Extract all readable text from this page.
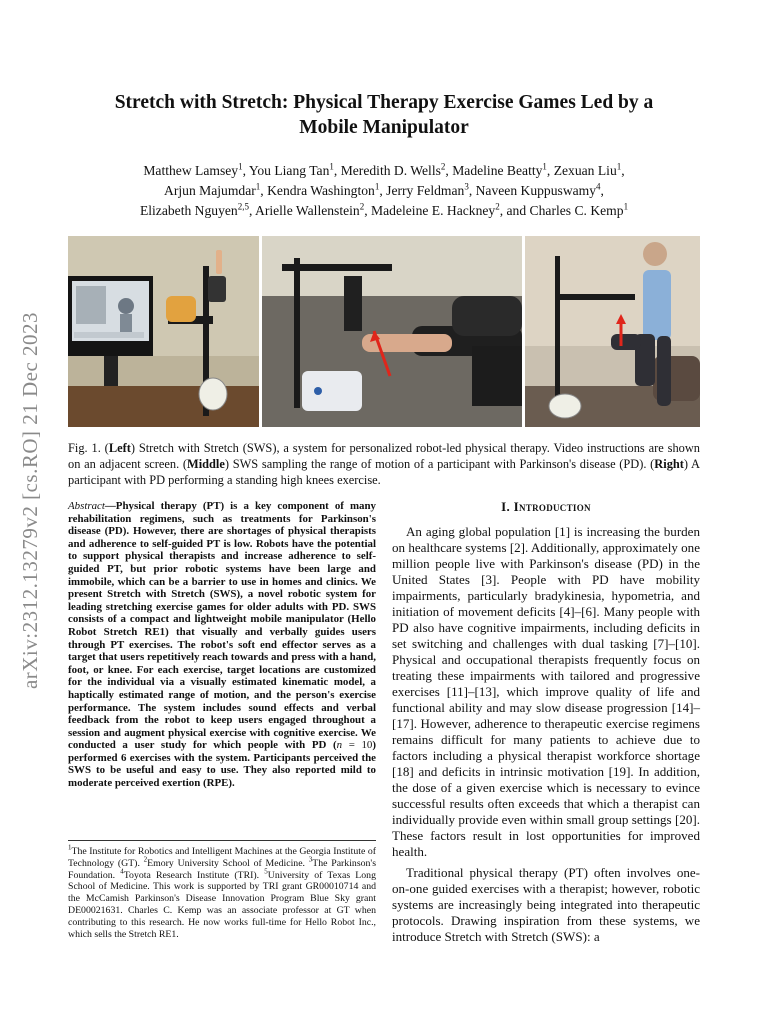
arXiv:2312.13279v2 [cs.RO] 21 Dec 2023
Stretch with Stretch: Physical Therapy Exercise Games Led by a
Mobile Manipulator
Matthew Lamsey$^1$, You Liang Tan$^1$, Meredith D. Wells$^2$, Madeline Beatty$^1$, Zexuan Liu$^1$,
Arjun Majumdar$^1$, Kendra Washington$^1$, Jerry Feldman$^3$, Naveen Kuppuswamy$^4$,
Elizabeth Nguyen$^{2,5}$, Arielle Wallenstein$^2$, Madeleine E. Hackney$^2$, and Charles C. Kemp$^1$

Fig. 1. (Left) Stretch with Stretch (SWS), a system for personalized robot-led physical therapy. Video instructions are shown on an adjacent screen. (Middle) SWS sampling the range of motion of a participant with Parkinson's disease (PD). (Right) A participant with PD performing a standing high knees exercise.

Abstract—Physical therapy (PT) is a key component of many rehabilitation regimens, such as treatments for Parkinson's disease (PD). However, there are shortages of physical therapists and adherence to self-guided PT is low. Robots have the potential to support physical therapists and increase adherence to self-guided PT, but prior robotic systems have been large and immobile, which can be a barrier to use in homes and clinics. We present Stretch with Stretch (SWS), a novel robotic system for leading stretching exercise games for older adults with PD. SWS consists of a compact and lightweight mobile manipulator (Hello Robot Stretch RE1) that visually and verbally guides users through PT exercises. The robot's soft end effector serves as a target that users repetitively reach towards and press with a hand, foot, or knee. For each exercise, target locations are customized for the individual via a visually estimated kinematic model, a haptically estimated range of motion, and the person's exercise performance. The system includes sound effects and verbal feedback from the robot to keep users engaged throughout a session and augment physical exercise with cognitive exercise. We conducted a user study for which people with PD (n = 10) performed 6 exercises with the system. Participants perceived the SWS to be useful and easy to use. They also reported mild to moderate perceived exertion (RPE).

$^1$The Institute for Robotics and Intelligent Machines at the Georgia Institute of Technology (GT). $^2$Emory University School of Medicine. $^3$The Parkinson's Foundation. $^4$Toyota Research Institute (TRI). $^5$University of Texas Long School of Medicine. This work is supported by TRI grant GR00010714 and the McCamish Parkinson's Disease Innovation Program Blue Sky grant DE00021631. Charles C. Kemp was an associate professor at GT when contributing to this research. He now works full-time for Hello Robot Inc., which sells the Stretch RE1.

I. Introduction

An aging global population [1] is increasing the burden on healthcare systems [2]. Additionally, approximately one million people live with Parkinson's disease (PD) in the United States [3]. People with PD have mobility impairments, particularly bradykinesia, hypometria, and initiation of movement deficits [4]–[6]. Many people with PD also have cognitive impairments, including deficits in set switching and challenges with dual tasking [7]–[10]. Physical and occupational therapists frequently focus on treating these impairments with tailored and progressive exercises [11]–[13], which improve quality of life and functional ability and may slow disease progression [14]–[17]. However, adherence to therapeutic exercise regimens remains difficult for many patients to achieve due to factors including a physical therapist workforce shortage [18] and deficits in intrinsic motivation [19]. In addition, the dose of a given exercise which is necessary to evince successful results often exceeds that which a therapist can individually provide even within small group settings [20]. These factors result in lost opportunities for improved health.

Traditional physical therapy (PT) often involves one-on-one guided exercises with a therapist; however, robotic systems are increasingly being integrated into therapeutic protocols. Drawing inspiration from these systems, we introduce Stretch with Stretch (SWS): a
